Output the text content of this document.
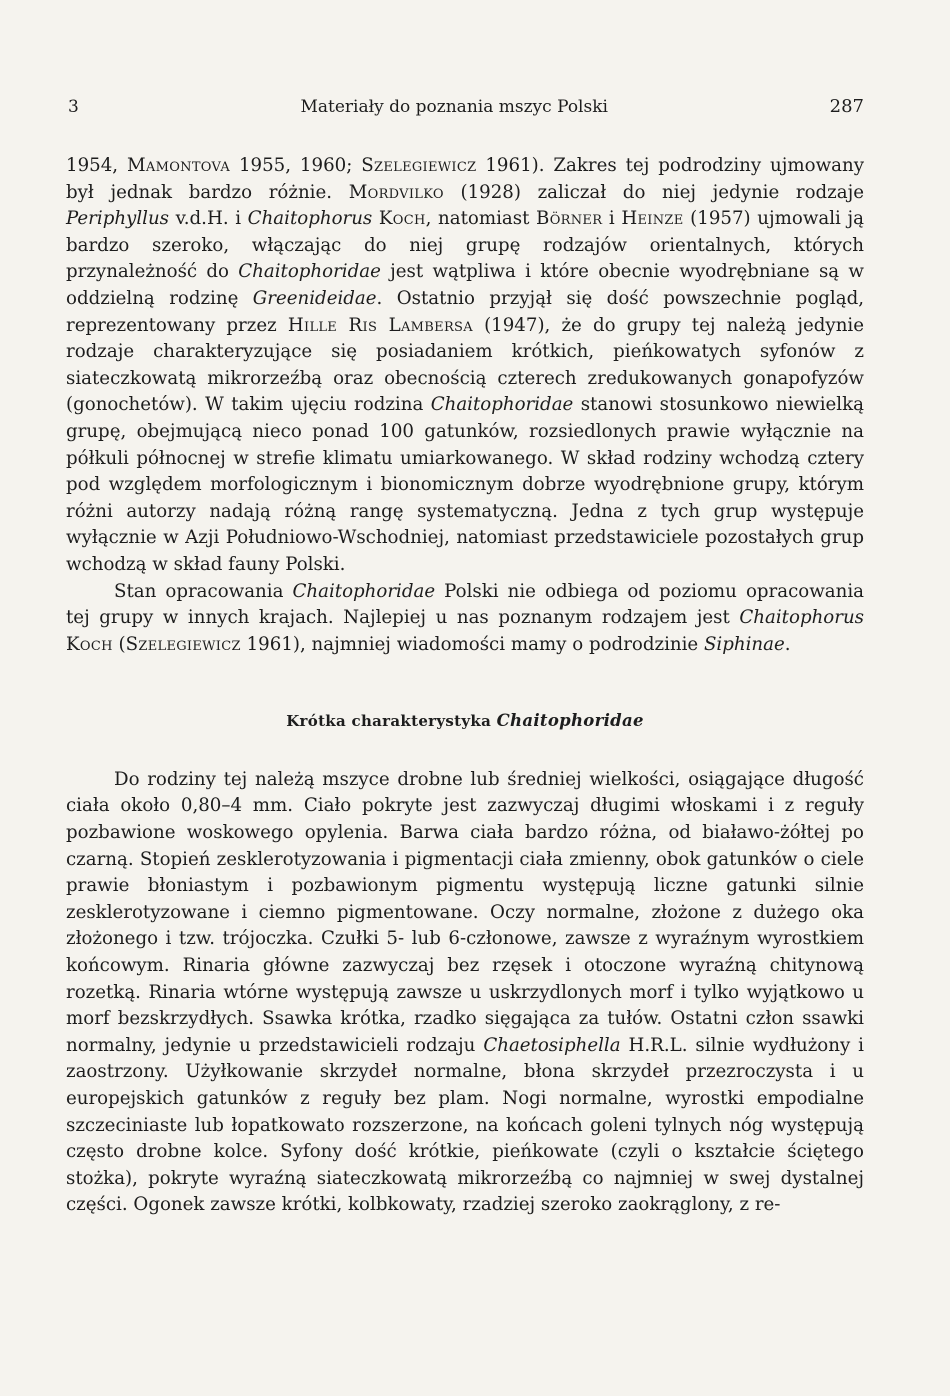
3	Materiały do poznania mszyc Polski	287

1954, Mamontova 1955, 1960; Szelegiewicz 1961). Zakres tej podrodziny ujmowany był jednak bardzo różnie. Mordvilko (1928) zaliczał do niej jedynie rodzaje Periphyllus v.d.H. i Chaitophorus Koch, natomiast Börner i Heinze (1957) ujmowali ją bardzo szeroko, włączając do niej grupę rodzajów orientalnych, których przynależność do Chaitophoridae jest wątpliwa i które obecnie wyodrębniane są w oddzielną rodzinę Greenideidae. Ostatnio przyjął się dość powszechnie pogląd, reprezentowany przez Hille Ris Lambersa (1947), że do grupy tej należą jedynie rodzaje charakteryzujące się posiadaniem krótkich, pieńkowatych syfonów z siateczkowatą mikrorzeźbą oraz obecnością czterech zredukowanych gonapofyzów (gonochetów). W takim ujęciu rodzina Chaitophoridae stanowi stosunkowo niewielką grupę, obejmującą nieco ponad 100 gatunków, rozsiedlonych prawie wyłącznie na półkuli północnej w strefie klimatu umiarkowanego. W skład rodziny wchodzą cztery pod względem morfologicznym i bionomicznym dobrze wyodrębnione grupy, którym różni autorzy nadają różną rangę systematyczną. Jedna z tych grup występuje wyłącznie w Azji Południowo-Wschodniej, natomiast przedstawiciele pozostałych grup wchodzą w skład fauny Polski.

Stan opracowania Chaitophoridae Polski nie odbiega od poziomu opracowania tej grupy w innych krajach. Najlepiej u nas poznanym rodzajem jest Chaitophorus Koch (Szelegiewicz 1961), najmniej wiadomości mamy o podrodzinie Siphinae.

Krótka charakterystyka Chaitophoridae

Do rodziny tej należą mszyce drobne lub średniej wielkości, osiągające długość ciała około 0,80–4 mm. Ciało pokryte jest zazwyczaj długimi włoskami i z reguły pozbawione woskowego opylenia. Barwa ciała bardzo różna, od białawo-żółtej po czarną. Stopień zesklerotyzowania i pigmentacji ciała zmienny, obok gatunków o ciele prawie błoniastym i pozbawionym pigmentu występują liczne gatunki silnie zesklerotyzowane i ciemno pigmentowane. Oczy normalne, złożone z dużego oka złożonego i tzw. trójoczka. Czułki 5- lub 6-członowe, zawsze z wyraźnym wyrostkiem końcowym. Rinaria główne zazwyczaj bez rzęsek i otoczone wyraźną chitynową rozetką. Rinaria wtórne występują zawsze u uskrzydlonych morf i tylko wyjątkowo u morf bezskrzydłych. Ssawka krótka, rzadko sięgająca za tułów. Ostatni człon ssawki normalny, jedynie u przedstawicieli rodzaju Chaetosiphella H.R.L. silnie wydłużony i zaostrzony. Użyłkowanie skrzydeł normalne, błona skrzydeł przezroczysta i u europejskich gatunków z reguły bez plam. Nogi normalne, wyrostki empodialne szczeciniaste lub łopatkowato rozszerzone, na końcach goleni tylnych nóg występują często drobne kolce. Syfony dość krótkie, pieńkowate (czyli o kształcie ściętego stożka), pokryte wyraźną siateczkowatą mikrorzeźbą co najmniej w swej dystalnej części. Ogonek zawsze krótki, kolbkowaty, rzadziej szeroko zaokrąglony, z re-
